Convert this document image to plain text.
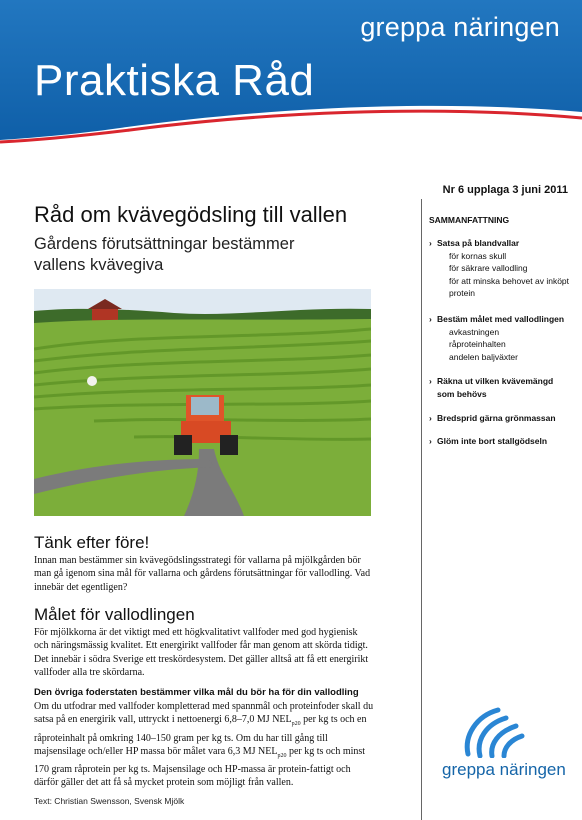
greppa näringen
Praktiska Råd
Nr 6 upplaga 3 juni 2011
Råd om kvävegödsling till vallen
Gårdens förutsättningar bestämmer vallens kvävegiva
Tänk efter före!
Innan man bestämmer sin kvävegödslingsstrategi för vallarna på mjölkgården bör man gå igenom sina mål för vallarna och gårdens förutsättningar för vallodling. Vad innebär det egentligen?
Målet för vallodlingen
För mjölkkorna är det viktigt med ett högkvalitativt vallfoder med god hygienisk och näringsmässig kvalitet. Ett energirikt vallfoder får man genom att skörda tidigt. Det innebär i södra Sverige ett treskördesystem. Det gäller alltså att få ett energirikt vallfoder alla tre skördarna.
Den övriga foderstaten bestämmer vilka mål du bör ha för din vallodling
Om du utfodrar med vallfoder kompletterad med spannmål och proteinfoder skall du satsa på en energirik vall, uttryckt i nettoenergi 6,8–7,0 MJ $NEL_{p20}$ per kg ts och en råproteinhalt på omkring 140–150 gram per kg ts. Om du har till gång till majsensilage och/eller HP massa bör målet vara 6,3 MJ $NEL_{p20}$ per kg ts och minst 170 gram råprotein per kg ts. Majsensilage och HP-massa är protein-fattigt och därför gäller det att få så mycket protein som möjligt från vallen.
Text: Christian Swensson, Svensk Mjölk
SAMMANFATTNING
› Satsa på blandvallar
för kornas skull
för säkrare vallodling
för att minska behovet av inköpt protein
› Bestäm målet med vallodlingen
avkastningen
råproteinhalten
andelen baljväxter
› Räkna ut vilken kvävemängd som behövs
› Bredsprid gärna grönmassan
› Glöm inte bort stallgödseln
greppa näringen
